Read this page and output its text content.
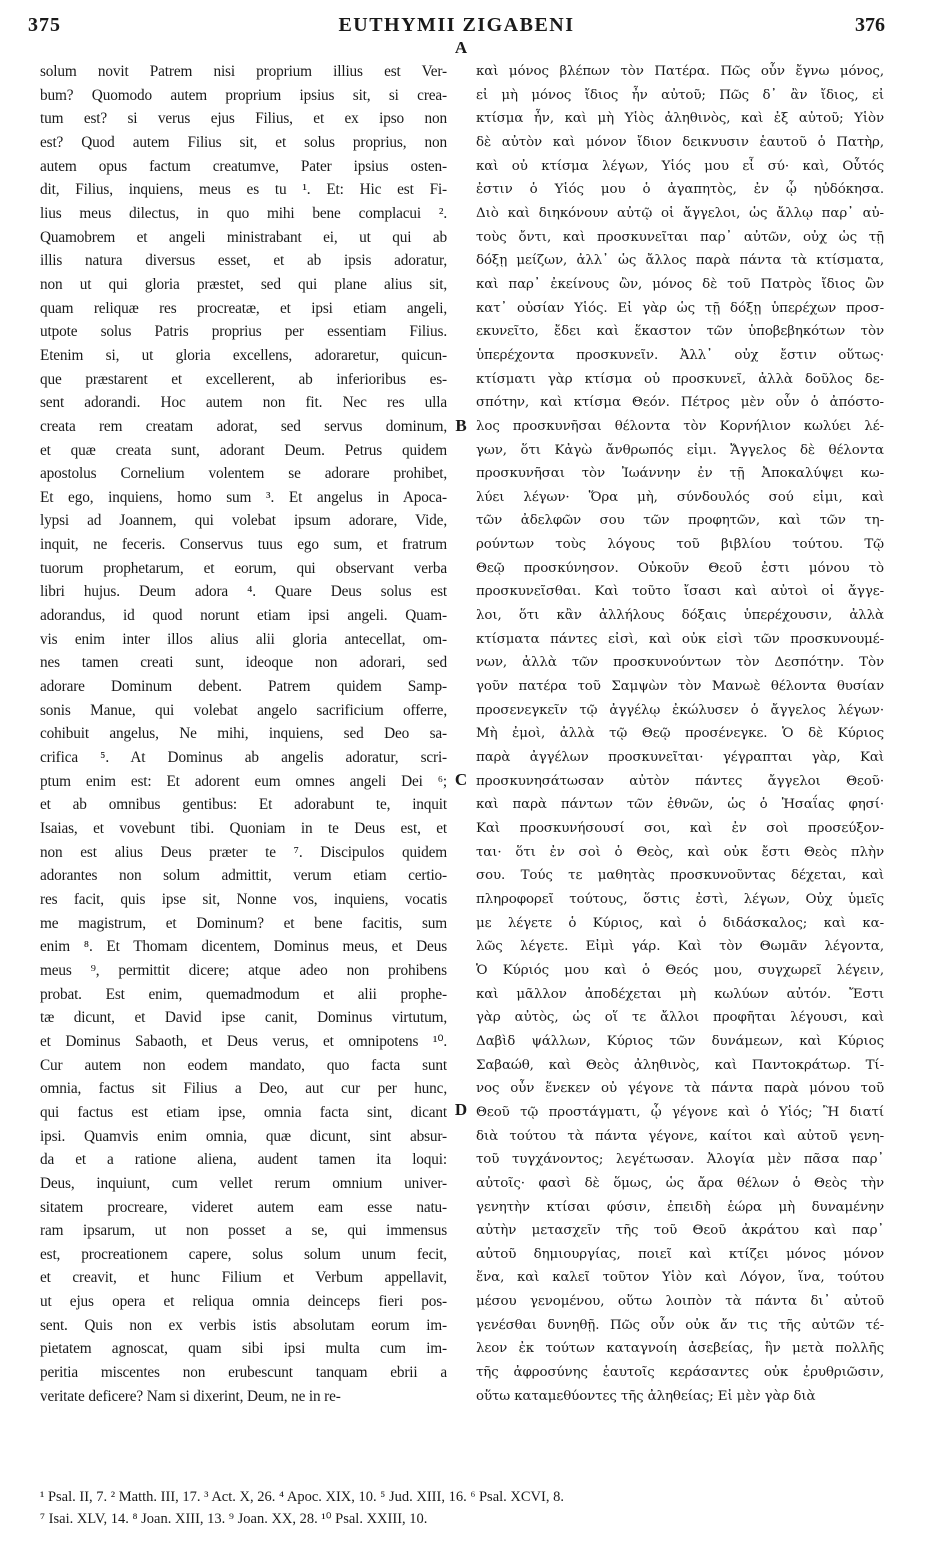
375	EUTHYMII ZIGABENI	376
solum novit Patrem nisi proprium illius est Ver-
bum? Quomodo autem proprium ipsius sit, si crea-
tum est? si verus ejus Filius, et ex ipso non
est? Quod autem Filius sit, et solus proprius, non
autem opus factum creatumve, Pater ipsius osten-
dit, Filius, inquiens, meus es tu ¹. Et: Hic est Fi-
lius meus dilectus, in quo mihi bene complacui ².
Quamobrem et angeli ministrabant ei, ut qui ab
illis natura diversus esset, et ab ipsis adoratur,
non ut qui gloria præstet, sed qui plane alius sit,
quam reliquæ res procreatæ, et ipsi etiam angeli,
utpote solus Patris proprius per essentiam Filius.
Etenim si, ut gloria excellens, adoraretur, quicun-
que præstarent et excellerent, ab inferioribus es-
sent adorandi. Hoc autem non fit. Nec res ulla
creata rem creatam adorat, sed servus dominum,
et quæ creata sunt, adorant Deum. Petrus quidem
apostolus Cornelium volentem se adorare prohibet,
Et ego, inquiens, homo sum ³. Et angelus in Apoca-
lypsi ad Joannem, qui volebat ipsum adorare, Vide,
inquit, ne feceris. Conservus tuus ego sum, et fratrum
tuorum prophetarum, et eorum, qui observant verba
libri hujus. Deum adora ⁴. Quare Deus solus est
adorandus, id quod norunt etiam ipsi angeli. Quam-
vis enim inter illos alius alii gloria antecellat, om-
nes tamen creati sunt, ideoque non adorari, sed
adorare Dominum debent. Patrem quidem Samp-
sonis Manue, qui volebat angelo sacrificium offerre,
cohibuit angelus, Ne mihi, inquiens, sed Deo sa-
crifica ⁵. At Dominus ab angelis adoratur, scri-
ptum enim est: Et adorent eum omnes angeli Dei ⁶;
et ab omnibus gentibus: Et adorabunt te, inquit
Isaias, et vovebunt tibi. Quoniam in te Deus est, et
non est alius Deus præter te ⁷. Discipulos quidem
adorantes non solum admittit, verum etiam certio-
res facit, quis ipse sit, Nonne vos, inquiens, vocatis
me magistrum, et Dominum? et bene facitis, sum
enim ⁸. Et Thomam dicentem, Dominus meus, et Deus
meus ⁹, permittit dicere; atque adeo non prohibens
probat. Est enim, quemadmodum et alii prophe-
tæ dicunt, et David ipse canit, Dominus virtutum,
et Dominus Sabaoth, et Deus verus, et omnipotens ¹⁰.
Cur autem non eodem mandato, quo facta sunt
omnia, factus sit Filius a Deo, aut cur per hunc,
qui factus est etiam ipse, omnia facta sint, dicant
ipsi. Quamvis enim omnia, quæ dicunt, sint absur-
da et a ratione aliena, audent tamen ita loqui:
Deus, inquiunt, cum vellet rerum omnium univer-
sitatem procreare, videret autem eam esse natu-
ram ipsarum, ut non posset a se, qui immensus
est, procreationem capere, solus solum unum fecit,
et creavit, et hunc Filium et Verbum appellavit,
ut ejus opera et reliqua omnia deinceps fieri pos-
sent. Quis non ex verbis istis absolutam eorum im-
pietatem agnoscat, quam sibi ipsi multa cum im-
peritia miscentes non erubescunt tanquam ebrii a
veritate deficere? Nam si dixerint, Deum, ne in re-
καὶ μόνος βλέπων τὸν Πατέρα. Πῶς οὖν ἔγνω μόνος,
εἰ μὴ μόνος ἴδιος ἦν αὐτοῦ; Πῶς δ᾽ ἂν ἴδιος, εἰ
κτίσμα ἦν, καὶ μὴ Υἱὸς ἀληθινὸς, καὶ ἐξ αὐτοῦ; Υἱὸν
δὲ αὐτὸν καὶ μόνον ἴδιον δεικνυσιν ἑαυτοῦ ὁ Πατὴρ,
καὶ οὐ κτίσμα λέγων, Υἱός μου εἶ σύ· καὶ, Οὗτός
ἐστιν ὁ Υἱός μου ὁ ἀγαπητὸς, ἐν ᾧ ηὐδόκησα.
Διὸ καὶ διηκόνουν αὐτῷ οἱ ἄγγελοι, ὡς ἄλλῳ παρ᾽ αὐ-
τοὺς ὄντι, καὶ προσκυνεῖται παρ᾽ αὐτῶν, οὐχ ὡς τῇ
δόξῃ μείζων, ἀλλ᾽ ὡς ἄλλος παρὰ πάντα τὰ κτίσματα,
καὶ παρ᾽ ἐκείνους ὢν, μόνος δὲ τοῦ Πατρὸς ἴδιος ὢν
κατ᾽ οὐσίαν Υἱός. Εἰ γὰρ ὡς τῇ δόξῃ ὑπερέχων προσ-
εκυνεῖτο, ἔδει καὶ ἕκαστον τῶν ὑποβεβηκότων τὸν
ὑπερέχοντα προσκυνεῖν. Ἀλλ᾽ οὐχ ἔστιν οὕτως·
κτίσματι γὰρ κτίσμα οὐ προσκυνεῖ, ἀλλὰ δοῦλος δε-
σπότην, καὶ κτίσμα Θεόν. Πέτρος μὲν οὖν ὁ ἀπόστο-
λος προσκυνῆσαι θέλοντα τὸν Κορνήλιον κωλύει λέ-
γων, ὅτι Κἀγὼ ἄνθρωπός εἰμι. Ἄγγελος δὲ θέλοντα
προσκυνῆσαι τὸν Ἰωάννην ἐν τῇ Ἀποκαλύψει κω-
λύει λέγων· Ὅρα μὴ, σύνδουλός σού εἰμι, καὶ
τῶν ἀδελφῶν σου τῶν προφητῶν, καὶ τῶν τη-
ρούντων τοὺς λόγους τοῦ βιβλίου τούτου. Τῷ
Θεῷ προσκύνησον. Οὐκοῦν Θεοῦ ἐστι μόνου τὸ
προσκυνεῖσθαι. Καὶ τοῦτο ἴσασι καὶ αὐτοὶ οἱ ἄγγε-
λοι, ὅτι κἂν ἀλλήλους δόξαις ὑπερέχουσιν, ἀλλὰ
κτίσματα πάντες εἰσὶ, καὶ οὐκ εἰσὶ τῶν προσκυνουμέ-
νων, ἀλλὰ τῶν προσκυνούντων τὸν Δεσπότην. Τὸν
γοῦν πατέρα τοῦ Σαμψὼν τὸν Μανωὲ θέλοντα θυσίαν
προσενεγκεῖν τῷ ἀγγέλῳ ἐκώλυσεν ὁ ἄγγελος λέγων·
Μὴ ἐμοὶ, ἀλλὰ τῷ Θεῷ προσένεγκε. Ὁ δὲ Κύριος
παρὰ ἀγγέλων προσκυνεῖται· γέγραπται γὰρ, Καὶ
προσκυνησάτωσαν αὐτὸν πάντες ἄγγελοι Θεοῦ·
καὶ παρὰ πάντων τῶν ἐθνῶν, ὡς ὁ Ἡσαΐας φησί·
Καὶ προσκυνήσουσί σοι, καὶ ἐν σοὶ προσεύξον-
ται· ὅτι ἐν σοὶ ὁ Θεὸς, καὶ οὐκ ἔστι Θεὸς πλὴν
σου. Τούς τε μαθητὰς προσκυνοῦντας δέχεται, καὶ
πληροφορεῖ τούτους, ὅστις ἐστὶ, λέγων, Οὐχ ὑμεῖς
με λέγετε ὁ Κύριος, καὶ ὁ διδάσκαλος; καὶ κα-
λῶς λέγετε. Εἰμὶ γάρ. Καὶ τὸν Θωμᾶν λέγοντα,
Ὁ Κύριός μου καὶ ὁ Θεός μου, συγχωρεῖ λέγειν,
καὶ μᾶλλον ἀποδέχεται μὴ κωλύων αὐτόν. Ἔστι
γὰρ αὐτὸς, ὡς οἵ τε ἄλλοι προφῆται λέγουσι, καὶ
Δαβὶδ ψάλλων, Κύριος τῶν δυνάμεων, καὶ Κύριος
Σαβαώθ, καὶ Θεὸς ἀληθινὸς, καὶ Παντοκράτωρ. Τί-
νος οὖν ἕνεκεν οὐ γέγονε τὰ πάντα παρὰ μόνου τοῦ
Θεοῦ τῷ προστάγματι, ᾧ γέγονε καὶ ὁ Υἱός; Ἢ διατί
διὰ τούτου τὰ πάντα γέγονε, καίτοι καὶ αὐτοῦ γενη-
τοῦ τυγχάνοντος; λεγέτωσαν. Ἀλογία μὲν πᾶσα παρ᾽
αὐτοῖς· φασὶ δὲ ὅμως, ὡς ἄρα θέλων ὁ Θεὸς τὴν
γενητὴν κτίσαι φύσιν, ἐπειδὴ ἑώρα μὴ δυναμένην
αὐτὴν μετασχεῖν τῆς τοῦ Θεοῦ ἀκράτου καὶ παρ᾽
αὐτοῦ δημιουργίας, ποιεῖ καὶ κτίζει μόνος μόνον
ἕνα, καὶ καλεῖ τοῦτον Υἱὸν καὶ Λόγον, ἵνα, τούτου
μέσου γενομένου, οὕτω λοιπὸν τὰ πάντα δι᾽ αὐτοῦ
γενέσθαι δυνηθῇ. Πῶς οὖν οὐκ ἄν τις τῆς αὐτῶν τέ-
λεον ἐκ τούτων καταγνοίη ἀσεβείας, ἣν μετὰ πολλῆς
τῆς ἀφροσύνης ἑαυτοῖς κεράσαντες οὐκ ἐρυθριῶσιν,
οὕτω καταμεθύοντες τῆς ἀληθείας; Εἰ μὲν γὰρ διὰ
A
B
C
D
¹ Psal. II, 7. ² Matth. III, 17. ³ Act. X, 26. ⁴ Apoc. XIX, 10. ⁵ Jud. XIII, 16. ⁶ Psal. XCVI, 8.
⁷ Isai. XLV, 14. ⁸ Joan. XIII, 13. ⁹ Joan. XX, 28. ¹⁰ Psal. XXIII, 10.
